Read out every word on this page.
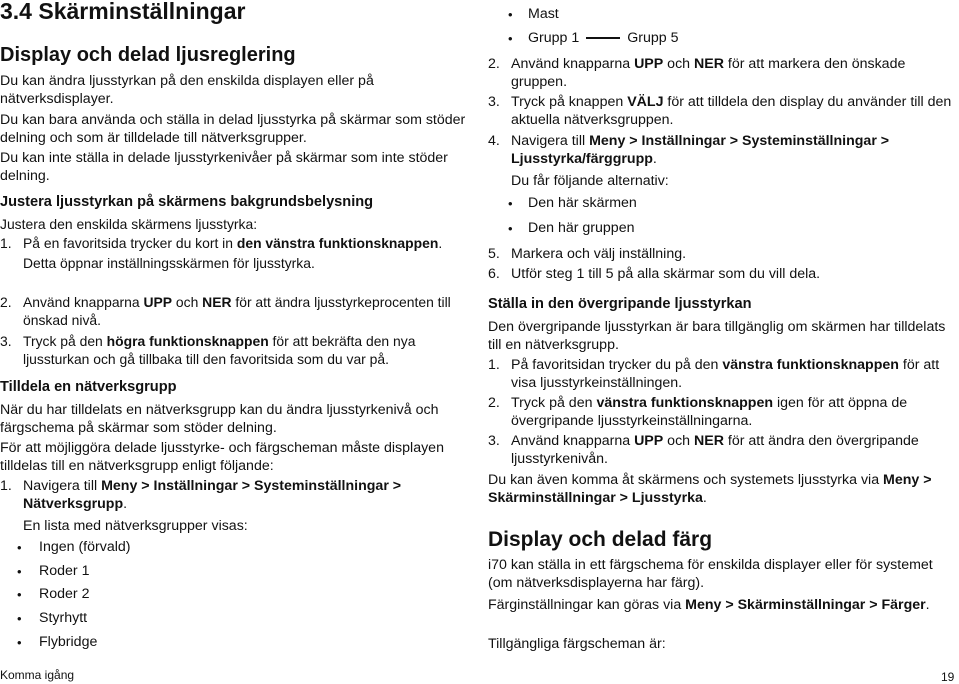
3.4 Skärminställningar
Display och delad ljusreglering

Du kan ändra ljusstyrkan på den enskilda displayen eller på nätverksdisplayer.

Du kan bara använda och ställa in delad ljusstyrka på skärmar som stöder delning och som är tilldelade till nätverksgrupper.

Du kan inte ställa in delade ljusstyrkenivåer på skärmar som inte stöder delning.

Justera ljusstyrkan på skärmens bakgrundsbelysning

Justera den enskilda skärmens ljusstyrka:

1. På en favoritsida trycker du kort in den vänstra funktionsknappen.

Detta öppnar inställningsskärmen för ljusstyrka.

2. Använd knapparna UPP och NER för att ändra ljusstyrkeprocenten till önskad nivå.

3. Tryck på den högra funktionsknappen för att bekräfta den nya ljussturkan och gå tillbaka till den favoritsida som du var på.

Tilldela en nätverksgrupp

När du har tilldelats en nätverksgrupp kan du ändra ljusstyrkenivå och färgschema på skärmar som stöder delning.

För att möjliggöra delade ljusstyrke- och färgscheman måste displayen tilldelas till en nätverksgrupp enligt följande:

1. Navigera till Meny > Inställningar > Systeminställningar > Nätverksgrupp.

En lista med nätverksgrupper visas:

• Ingen (förvald)
• Roder 1
• Roder 2
• Styrhytt
• Flybridge
• Mast
• Grupp 1	Grupp 5
2. Använd knapparna UPP och NER för att markera den önskade gruppen.

3. Tryck på knappen VÄLJ för att tilldela den display du använder till den aktuella nätverksgruppen.

4. Navigera till Meny > Inställningar > Systeminställningar > Ljusstyrka/färggrupp.

Du får följande alternativ:

• Den här skärmen
• Den här gruppen
5. Markera och välj inställning.

6. Utför steg 1 till 5 på alla skärmar som du vill dela.

Ställa in den övergripande ljusstyrkan

Den övergripande ljusstyrkan är bara tillgänglig om skärmen har tilldelats till en nätverksgrupp.

1. På favoritsidan trycker du på den vänstra funktionsknappen för att visa ljusstyrkeinställningen.

2. Tryck på den vänstra funktionsknappen igen för att öppna de övergripande ljusstyrkeinställningarna.

3. Använd knapparna UPP och NER för att ändra den övergripande ljusstyrkenivån.

Du kan även komma åt skärmens och systemets ljusstyrka via Meny > Skärminställningar > Ljusstyrka.

Display och delad färg

i70 kan ställa in ett färgschema för enskilda displayer eller för systemet (om nätverksdisplayerna har färg).

Färginställningar kan göras via Meny > Skärminställningar > Färger.

Tillgängliga färgscheman är:

Komma igång	19
